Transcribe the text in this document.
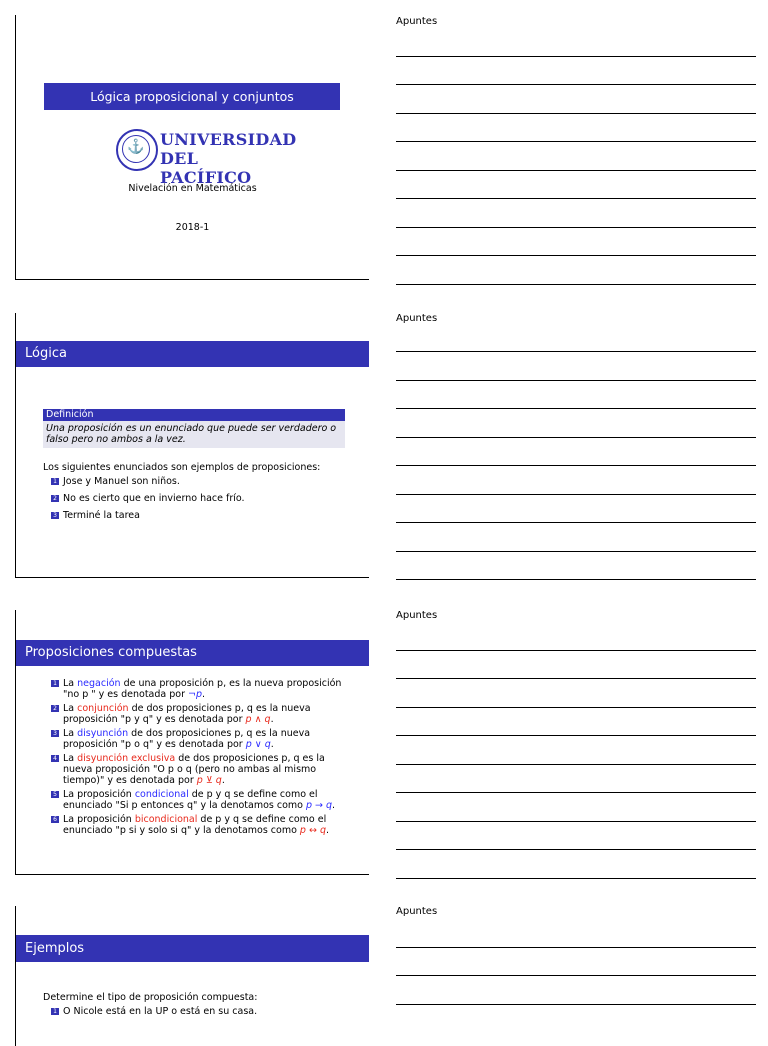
Lógica proposicional y conjuntos
⚓ UNIVERSIDAD
DEL PACÍFICO
Nivelación en Matemáticas
2018-1
Apuntes
Lógica
Definición
Una proposición es un enunciado que puede ser verdadero o falso pero no ambos a la vez.
Los siguientes enunciados son ejemplos de proposiciones:
1 Jose y Manuel son niños.
2 No es cierto que en invierno hace frío.
3 Terminé la tarea
Apuntes
Proposiciones compuestas
1 La negación de una proposición p, es la nueva proposición "no p " y es denotada por ¬p.
2 La conjunción de dos proposiciones p, q es la nueva proposición "p y q" y es denotada por p ∧ q.
3 La disyunción de dos proposiciones p, q es la nueva proposición "p o q" y es denotada por p ∨ q.
4 La disyunción exclusiva de dos proposiciones p, q es la nueva proposición "O p o q (pero no ambas al mismo tiempo)" y es denotada por p ⊻ q.
5 La proposición condicional de p y q se define como el enunciado "Si p entonces q" y la denotamos como p → q.
6 La proposición bicondicional de p y q se define como el enunciado "p si y solo si q" y la denotamos como p ↔ q.
Apuntes
Ejemplos
Determine el tipo de proposición compuesta:
1 O Nicole está en la UP o está en su casa.
Apuntes
